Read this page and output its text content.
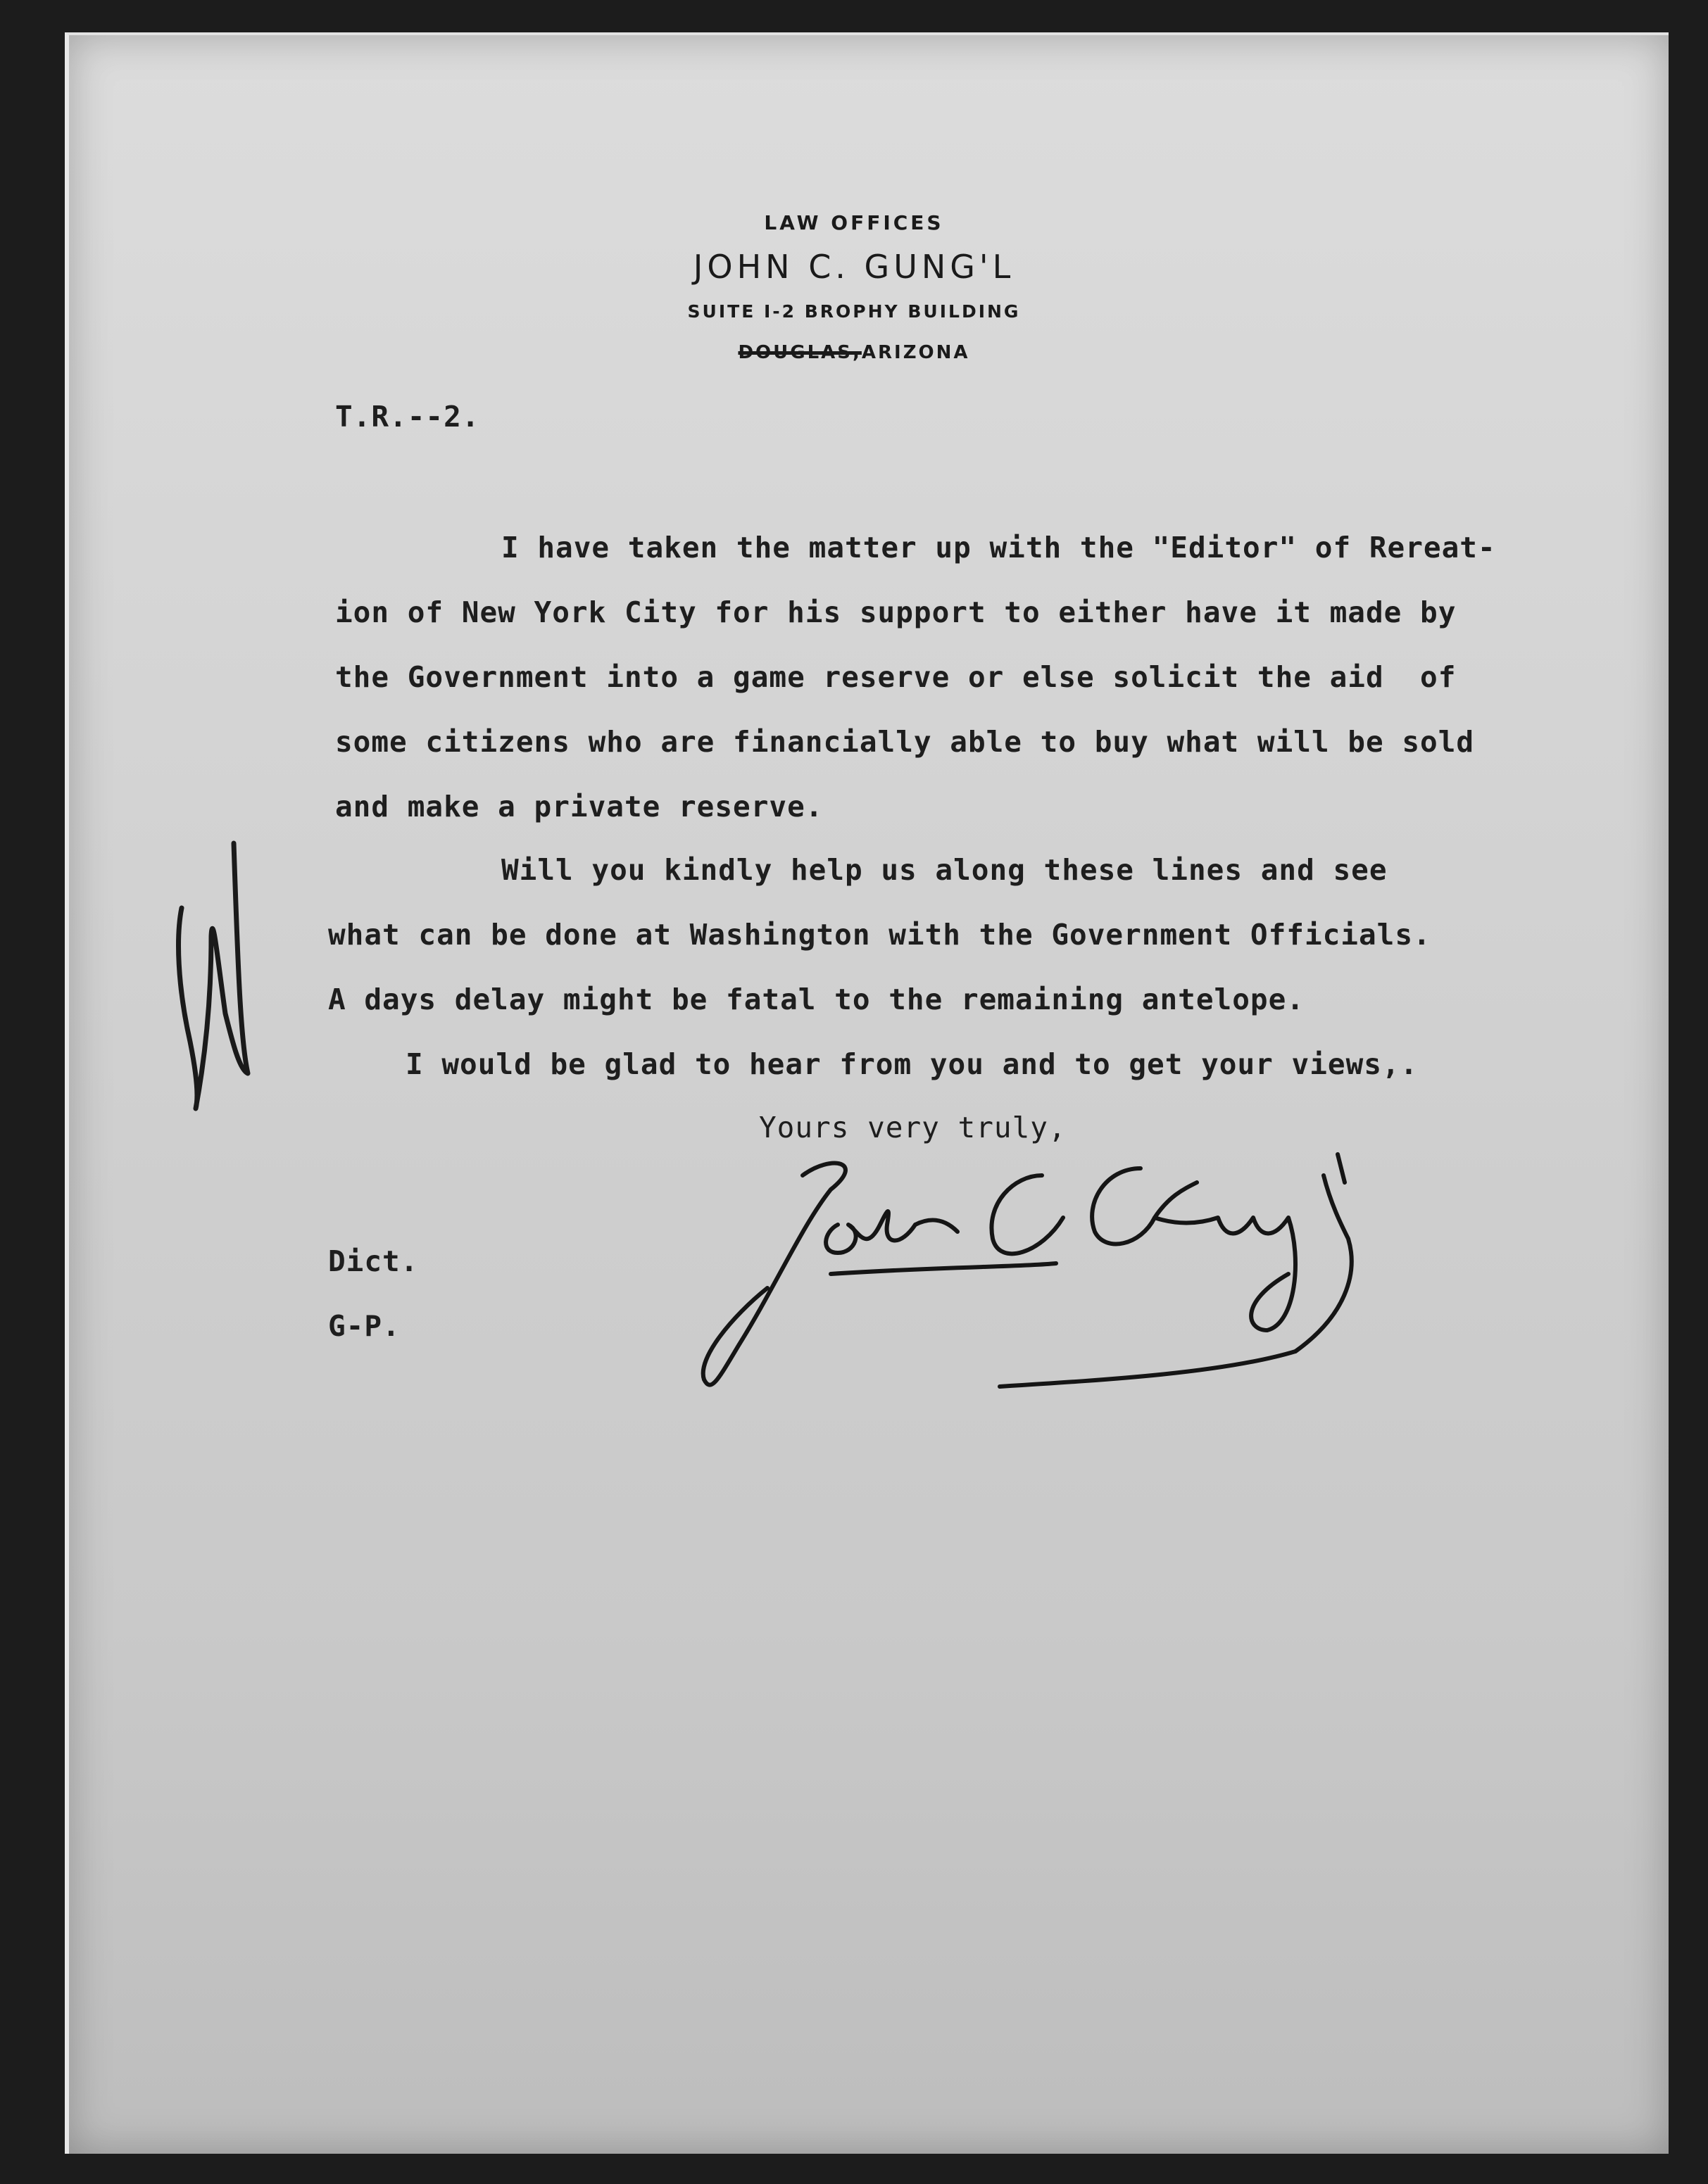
LAW OFFICES
JOHN C. GUNG'L
SUITE I-2 BROPHY BUILDING
DOUGLAS,ARIZONA
T.R.--2.
I have taken the matter up with the "Editor" of Rereat-
ion of New York City for his support to either have it made by
the Government into a game reserve or else solicit the aid  of
some citizens who are financially able to buy what will be sold
and make a private reserve.
Will you kindly help us along these lines and see
what can be done at Washington with the Government Officials.
A days delay might be fatal to the remaining antelope.
I would be glad to hear from you and to get your views,.
Yours very truly,
Dict.
G-P.
